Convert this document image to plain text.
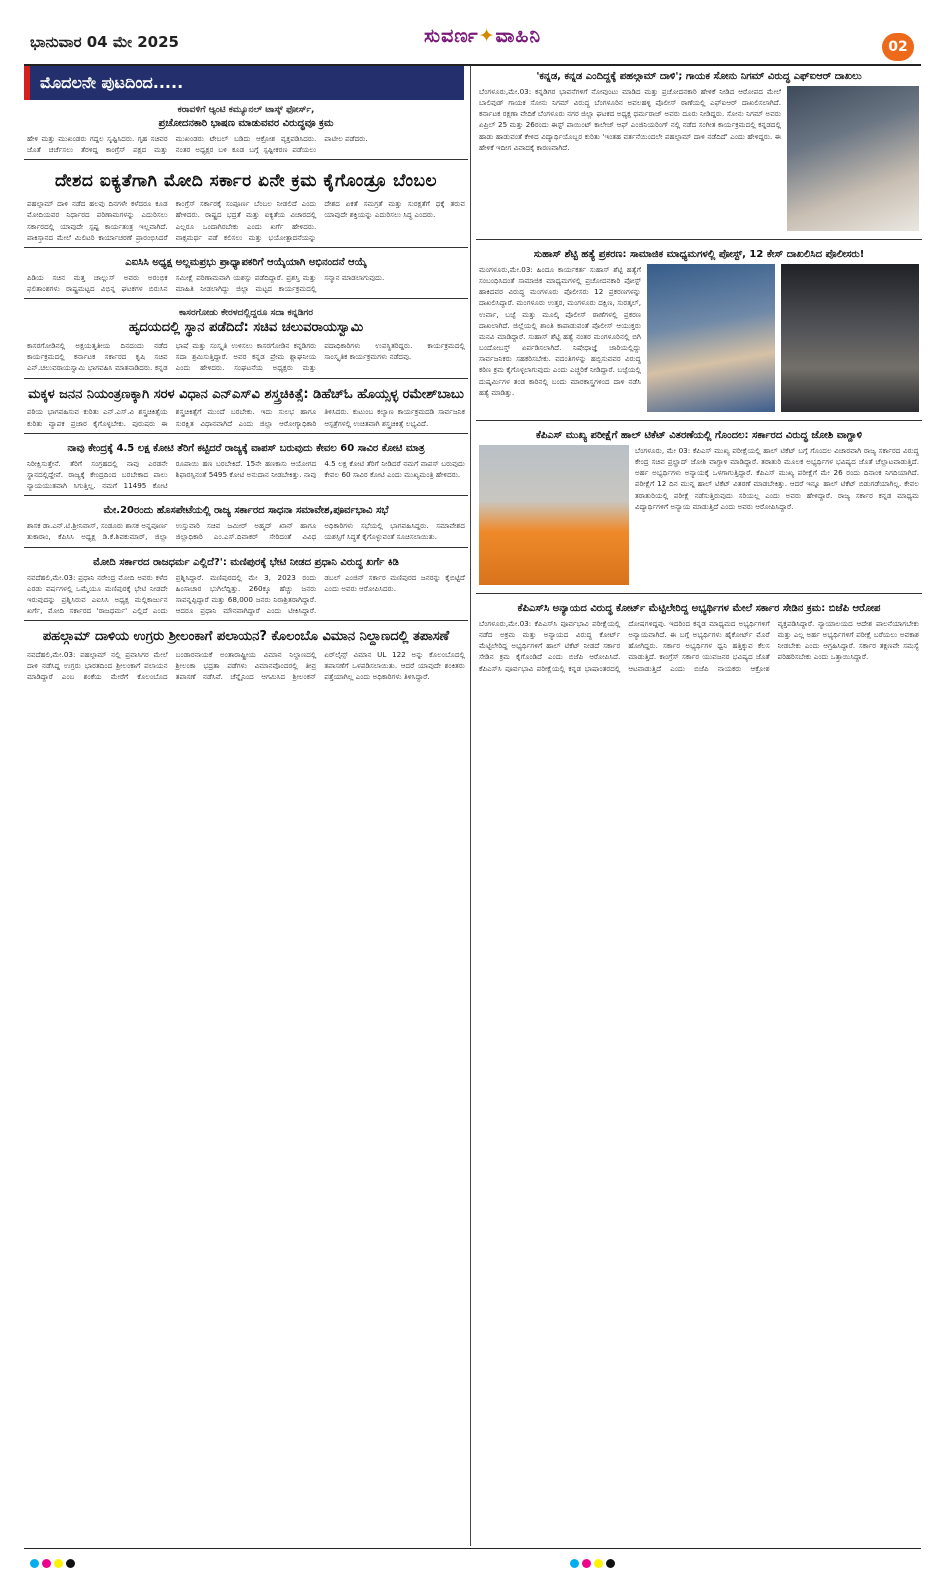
ಭಾನುವಾರ 04 ಮೇ 2025	ಸುವರ್ಣ✦ವಾಹಿನಿ	02
ಮೊದಲನೇ ಪುಟದಿಂದ.....
ಕರಾವಳಿಗೆ ಆ್ಯಂಟಿ ಕಮ್ಯೂನಲ್ ಟಾಸ್ಕ್ ಫೋರ್ಸ್,
ಪ್ರಚೋದನಕಾರಿ ಭಾಷಣ ಮಾಡುವವರ ವಿರುದ್ಧವೂ ಕ್ರಮ
ಹೇಳಿ ಮತ್ತು ಮುಖಂಡರು ಗದ್ದಲ ಸೃಷ್ಟಿಸಿದರು. ಗೃಹ ಸಚಿವರ ಜೊತೆ ಚರ್ಚೆಸಲು ತೆರಳಿದ್ದ ಕಾಂಗ್ರೆಸ್ ಪಕ್ಷದ ಮತ್ತು ಮುಖಂಡರು ಟೇಬಲ್ ಬಡಿದು ಆಕ್ರೋಶ ವ್ಯಕ್ತಪಡಿಸಿದರು. ನಂತರ ಅಧ್ಯಕ್ಷರ ಬಳಿ ಕೂಡ ಬಗ್ಗೆ ಸ್ಪಷ್ಟೀಕರಣ ಪಡೆಯಲು ಪಾಟೀಲ ಪಡೆದರು.
ದೇಶದ ಐಕ್ಯತೆಗಾಗಿ ಮೋದಿ ಸರ್ಕಾರ ಏನೇ ಕ್ರಮ ಕೈಗೊಂಡ್ರೂ ಬೆಂಬಲ
ಪಹಲ್ಗಾಮ್ ದಾಳಿ ನಡೆದ ಹಲವು ದಿನಗಳೇ ಕಳೆದರೂ ಕೂಡ ಮೋದಿಯವರ ನಿರ್ಧಾರದ ಪರಿಣಾಮಗಳನ್ನು ಎದುರಿಸಲು ಸರ್ಕಾರದಲ್ಲಿ ಯಾವುದೇ ಸ್ಪಷ್ಟ ಕಾರ್ಯತಂತ್ರ ಇಲ್ಲವಾಗಿದೆ. ಪಾಕಿಸ್ತಾನದ ಮೇಲೆ ಮಿಲಿಟರಿ ಕಾರ್ಯಾಚರಣೆ ಪ್ರಾರಂಭಿಸಿದರೆ ಕಾಂಗ್ರೆಸ್ ಸರ್ಕಾರಕ್ಕೆ ಸಂಪೂರ್ಣ ಬೆಂಬಲ ನೀಡಲಿದೆ ಎಂದು ಹೇಳಿದರು. ರಾಷ್ಟ್ರದ ಭದ್ರತೆ ಮತ್ತು ಐಕ್ಯತೆಯ ವಿಚಾರದಲ್ಲಿ ಎಲ್ಲರೂ ಒಂದಾಗಿರಬೇಕು ಎಂದು ಖರ್ಗೆ ಹೇಳಿದರು. ವಾಕ್ಸಮರ್ಥ ಪಡೆ ಕಲಿಸಲು ಮತ್ತು ಭಯೋತ್ಪಾದನೆಯನ್ನು ದೇಶದ ಏಕತೆ ಸಮಗ್ರತೆ ಮತ್ತು ಸುರಕ್ಷತೆಗೆ ಧಕ್ಕೆ ತರುವ ಯಾವುದೇ ಶಕ್ತಿಯನ್ನು ಎದುರಿಸಲು ಸಿದ್ಧ ಎಂದರು.
ಎಐಸಿಸಿ ಅಧ್ಯಕ್ಷ ಅಲ್ಲಮಪ್ರಭು ಪ್ರಾಧ್ಯಾಪಕರಿಗೆ ಆಯ್ಕೆಯಾಗಿ ಅಭಿನಂದನೆ ಆಯ್ಕೆ
ಪಿಡಿಯ ಸಚಿನ ಮತ್ತ ಚಾಲ್ಲುಸ್ ಅವರು ಅರಂಭಿಕ ಫಲಿತಾಂಶಗಳು ರಾಷ್ಟ್ರಮಟ್ಟದ ವಿಭಿನ್ನ ಘಟಕಗಳ ಬಿರುಸಿನ ಸಮೀಕ್ಷೆ ಪರಿಣಾಮವಾಗಿ ಯಶಸ್ಸು ಪಡೆದಿದ್ದಾರೆ. ಪ್ರಶಸ್ತಿ ಮತ್ತು ಮಾಹಿತಿ ನೀಡಲಾಗಿದ್ದು ಜಿಲ್ಲಾ ಮಟ್ಟದ ಕಾರ್ಯಕ್ರಮದಲ್ಲಿ ಸನ್ಮಾನ ಮಾಡಲಾಗುವುದು.
ಕಾಸರಗೋಡು ಕೇರಳದಲ್ಲಿದ್ದರೂ ಸದಾ ಕನ್ನಡಿಗರ
ಹೃದಯದಲ್ಲಿ ಸ್ಥಾನ ಪಡೆದಿದೆ: ಸಚಿವ ಚಲುವರಾಯಸ್ವಾಮಿ
ಕಾಸರಗೋಡಿನಲ್ಲಿ ಅಕ್ಷಯತೃತೀಯ ದಿನದಂದು ನಡೆದ ಕಾರ್ಯಕ್ರಮದಲ್ಲಿ ಕರ್ನಾಟಕ ಸರ್ಕಾರದ ಕೃಷಿ ಸಚಿವ ಎನ್.ಚಲುವರಾಯಸ್ವಾಮಿ ಭಾಗವಹಿಸಿ ಮಾತನಾಡಿದರು. ಕನ್ನಡ ಭಾಷೆ ಮತ್ತು ಸಂಸ್ಕೃತಿ ಉಳಿಸಲು ಕಾಸರಗೋಡಿನ ಕನ್ನಡಿಗರು ಸದಾ ಶ್ರಮಿಸುತ್ತಿದ್ದಾರೆ. ಅವರ ಕನ್ನಡ ಪ್ರೇಮ ಶ್ಲಾಘನೀಯ ಎಂದು ಹೇಳಿದರು. ಸಂಘಟನೆಯ ಅಧ್ಯಕ್ಷರು ಮತ್ತು ಪದಾಧಿಕಾರಿಗಳು ಉಪಸ್ಥಿತರಿದ್ದರು. ಕಾರ್ಯಕ್ರಮದಲ್ಲಿ ಸಾಂಸ್ಕೃತಿಕ ಕಾರ್ಯಕ್ರಮಗಳು ನಡೆದವು.
ಮಕ್ಕಳ ಜನನ ನಿಯಂತ್ರಣಕ್ಕಾಗಿ ಸರಳ ವಿಧಾನ ಎನ್ಎಸ್‌ವಿ ಶಸ್ತ್ರಚಿಕಿತ್ಸೆ: ಡಿಹೆಚ್‌ಓ ಹೊಯ್ಸಳ್ಳ ರಮೇಶ್‌ಬಾಬು
ಪಠಿಯ ಭಾಗವಹಿಸುವ ಕುರಿತು ಎನ್.ಎಸ್.ವಿ ಶಸ್ತ್ರಚಿಕಿತ್ಸೆಯ ಕುರಿತು ವ್ಯಾಪಕ ಪ್ರಚಾರ ಕೈಗೊಳ್ಳಬೇಕು. ಪುರುಷರು ಈ ಶಸ್ತ್ರಚಿಕಿತ್ಸೆಗೆ ಮುಂದೆ ಬರಬೇಕು. ಇದು ಸುಲಭ ಹಾಗೂ ಸುರಕ್ಷಿತ ವಿಧಾನವಾಗಿದೆ ಎಂದು ಜಿಲ್ಲಾ ಆರೋಗ್ಯಾಧಿಕಾರಿ ತಿಳಿಸಿದರು. ಕುಟುಂಬ ಕಲ್ಯಾಣ ಕಾರ್ಯಕ್ರಮದಡಿ ಸಾರ್ವಜನಿಕ ಆಸ್ಪತ್ರೆಗಳಲ್ಲಿ ಉಚಿತವಾಗಿ ಶಸ್ತ್ರಚಿಕಿತ್ಸೆ ಲಭ್ಯವಿದೆ.
ನಾವು ಕೇಂದ್ರಕ್ಕೆ 4.5 ಲಕ್ಷ ಕೋಟಿ ತೆರಿಗೆ ಕಟ್ಟಿದರೆ ರಾಜ್ಯಕ್ಕೆ ವಾಪಸ್ ಬರುವುದು ಕೇವಲ 60 ಸಾವಿರ ಕೋಟಿ ಮಾತ್ರ
ನಿರೀಕ್ಷಿಸುತ್ತೇನೆ. ತೆರಿಗೆ ಸಂಗ್ರಹದಲ್ಲಿ ನಾವು ಎರಡನೇ ಸ್ಥಾನದಲ್ಲಿದ್ದೇವೆ. ರಾಜ್ಯಕ್ಕೆ ಕೇಂದ್ರದಿಂದ ಬರಬೇಕಾದ ಪಾಲು ನ್ಯಾಯಯುತವಾಗಿ ಸಿಗುತ್ತಿಲ್ಲ. ನಮಗೆ 11495 ಕೋಟಿ ರೂಪಾಯಿ ಹಣ ಬರಬೇಕಿದೆ. 15ನೇ ಹಣಕಾಸು ಆಯೋಗದ ಶಿಫಾರಸ್ಸಿನಂತೆ 5495 ಕೋಟಿ ಅನುದಾನ ನೀಡಬೇಕಿತ್ತು. ನಾವು 4.5 ಲಕ್ಷ ಕೋಟಿ ತೆರಿಗೆ ನೀಡಿದರೆ ನಮಗೆ ವಾಪಸ್ ಬರುವುದು ಕೇವಲ 60 ಸಾವಿರ ಕೋಟಿ ಎಂದು ಮುಖ್ಯಮಂತ್ರಿ ಹೇಳಿದರು.
ಮೇ.20ರಂದು ಹೊಸಪೇಟೆಯಲ್ಲಿ ರಾಜ್ಯ ಸರ್ಕಾರದ ಸಾಧನಾ ಸಮಾವೇಶ,ಪೂರ್ವಭಾವಿ ಸಭೆ
ಶಾಸಕ ಡಾ.ಎನ್.ಟಿ.ಶ್ರೀನಿವಾಸ್, ಸಂಡೂರು ಶಾಸಕ ಅನ್ನಪೂರ್ಣ ತುಕಾರಾಂ, ಕೆಪಿಸಿಸಿ ಅಧ್ಯಕ್ಷ ಡಿ.ಕೆ.ಶಿವಕುಮಾರ್, ಜಿಲ್ಲಾ ಉಸ್ತುವಾರಿ ಸಚಿವ ಜಮೀರ್ ಅಹ್ಮದ್ ಖಾನ್ ಹಾಗೂ ಜಿಲ್ಲಾಧಿಕಾರಿ ಎಂ.ಎಸ್.ದಿವಾಕರ್ ಸೇರಿದಂತೆ ವಿವಿಧ ಅಧಿಕಾರಿಗಳು ಸಭೆಯಲ್ಲಿ ಭಾಗವಹಿಸಿದ್ದರು. ಸಮಾವೇಶದ ಯಶಸ್ಸಿಗೆ ಸಿದ್ಧತೆ ಕೈಗೊಳ್ಳುವಂತೆ ಸೂಚಿಸಲಾಯಿತು.
ಮೋದಿ ಸರ್ಕಾರದ ರಾಜಧರ್ಮ ಎಲ್ಲಿದೆ?': ಮಣಿಪುರಕ್ಕೆ ಭೇಟಿ ನೀಡದ ಪ್ರಧಾನಿ ವಿರುದ್ಧ ಖರ್ಗೆ ಕಿಡಿ
ನವದೆಹಲಿ,ಮೇ.03: ಪ್ರಧಾನಿ ನರೇಂದ್ರ ಮೋದಿ ಅವರು ಕಳೆದ ಎರಡು ವರ್ಷಗಳಲ್ಲಿ ಒಮ್ಮೆಯೂ ಮಣಿಪುರಕ್ಕೆ ಭೇಟಿ ನೀಡದೇ ಇರುವುದನ್ನು ಪ್ರಶ್ನಿಸಿರುವ ಎಐಸಿಸಿ ಅಧ್ಯಕ್ಷ ಮಲ್ಲಿಕಾರ್ಜುನ ಖರ್ಗೆ, ಮೋದಿ ಸರ್ಕಾರದ 'ರಾಜಧರ್ಮ' ಎಲ್ಲಿದೆ ಎಂದು ಪ್ರಶ್ನಿಸಿದ್ದಾರೆ. ಮಣಿಪುರದಲ್ಲಿ ಮೇ 3, 2023 ರಂದು ಹಿಂಸಾಚಾರ ಭುಗಿಲೆದ್ದಿತ್ತು. 260ಕ್ಕೂ ಹೆಚ್ಚು ಜನರು ಸಾವನ್ನಪ್ಪಿದ್ದಾರೆ ಮತ್ತು 68,000 ಜನರು ನಿರಾಶ್ರಿತರಾಗಿದ್ದಾರೆ. ಆದರೂ ಪ್ರಧಾನಿ ಮೌನವಾಗಿದ್ದಾರೆ ಎಂದು ಟೀಕಿಸಿದ್ದಾರೆ. ಡಬಲ್ ಎಂಜಿನ್ ಸರ್ಕಾರ ಮಣಿಪುರದ ಜನರನ್ನು ಕೈಬಿಟ್ಟಿದೆ ಎಂದು ಅವರು ಆರೋಪಿಸಿದರು.
ಪಹಲ್ಗಾಮ್ ದಾಳಿಯ ಉಗ್ರರು ಶ್ರೀಲಂಕಾಗೆ ಪಲಾಯನ? ಕೊಲಂಬೊ ವಿಮಾನ ನಿಲ್ದಾಣದಲ್ಲಿ ತಪಾಸಣೆ
ನವದೆಹಲಿ,ಮೇ.03: ಪಹಲ್ಗಾಮ್ ನಲ್ಲಿ ಪ್ರವಾಸಿಗರ ಮೇಲೆ ದಾಳಿ ನಡೆಸಿದ್ದ ಉಗ್ರರು ಭಾರತದಿಂದ ಶ್ರೀಲಂಕಾಗೆ ಪಲಾಯನ ಮಾಡಿದ್ದಾರೆ ಎಂಬ ಶಂಕೆಯ ಮೇರೆಗೆ ಕೊಲಂಬೊದ ಬಂಡಾರನಾಯಕೆ ಅಂತಾರಾಷ್ಟ್ರೀಯ ವಿಮಾನ ನಿಲ್ದಾಣದಲ್ಲಿ ಶ್ರೀಲಂಕಾ ಭದ್ರತಾ ಪಡೆಗಳು ವಿಮಾನವೊಂದರಲ್ಲಿ ತೀವ್ರ ತಪಾಸಣೆ ನಡೆಸಿವೆ. ಚೆನ್ನೈನಿಂದ ಆಗಮಿಸಿದ ಶ್ರೀಲಂಕನ್ ಏರ್‌ಲೈನ್ಸ್‌ ವಿಮಾನ UL 122 ಅನ್ನು ಕೊಲಂಬೊದಲ್ಲಿ ತಪಾಸಣೆಗೆ ಒಳಪಡಿಸಲಾಯಿತು. ಆದರೆ ಯಾವುದೇ ಶಂಕಿತರು ಪತ್ತೆಯಾಗಿಲ್ಲ ಎಂದು ಅಧಿಕಾರಿಗಳು ತಿಳಿಸಿದ್ದಾರೆ.
'ಕನ್ನಡ, ಕನ್ನಡ ಎಂದಿದ್ದಕ್ಕೆ ಪಹಲ್ಗಾಮ್ ದಾಳಿ'; ಗಾಯಕ ಸೋನು ನಿಗಮ್ ವಿರುದ್ಧ ಎಫ್‌ಐಆರ್ ದಾಖಲು
ಬೆಂಗಳೂರು,ಮೇ.03: ಕನ್ನಡಿಗರ ಭಾವನೆಗಳಿಗೆ ನೋವುಂಟು ಮಾಡಿದ ಮತ್ತು ಪ್ರಚೋದನಕಾರಿ ಹೇಳಿಕೆ ನೀಡಿದ ಆರೋಪದ ಮೇಲೆ ಬಾಲಿವುಡ್ ಗಾಯಕ ಸೋನು ನಿಗಮ್ ವಿರುದ್ಧ ಬೆಂಗಳೂರಿನ ಅವಲಹಳ್ಳಿ ಪೊಲೀಸ್ ಠಾಣೆಯಲ್ಲಿ ಎಫ್‌ಐಆರ್ ದಾಖಲಿಸಲಾಗಿದೆ. ಕರ್ನಾಟಕ ರಕ್ಷಣಾ ವೇದಿಕೆ ಬೆಂಗಳೂರು ನಗರ ಜಿಲ್ಲಾ ಘಟಕದ ಅಧ್ಯಕ್ಷ ಧರ್ಮರಾಜ್ ಅವರು ದೂರು ನೀಡಿದ್ದರು. ಸೋನು ನಿಗಮ್ ಅವರು ಏಪ್ರಿಲ್ 25 ಮತ್ತು 26ರಂದು ಈಸ್ಟ್ ಪಾಯಿಂಟ್ ಕಾಲೇಜ್ ಆಫ್ ಎಂಜಿನಿಯರಿಂಗ್ ನಲ್ಲಿ ನಡೆದ ಸಂಗೀತ ಕಾರ್ಯಕ್ರಮದಲ್ಲಿ ಕನ್ನಡದಲ್ಲಿ ಹಾಡು ಹಾಡುವಂತೆ ಕೇಳಿದ ವಿದ್ಯಾರ್ಥಿಯೊಬ್ಬರ ಕುರಿತು 'ಇಂತಹ ವರ್ತನೆಯಿಂದಲೇ ಪಹಲ್ಗಾಮ್ ದಾಳಿ ನಡೆದಿದೆ' ಎಂದು ಹೇಳಿದ್ದರು. ಈ ಹೇಳಿಕೆ ಇದೀಗ ವಿವಾದಕ್ಕೆ ಕಾರಣವಾಗಿದೆ.
ಸುಹಾಸ್ ಶೆಟ್ಟಿ ಹತ್ಯೆ ಪ್ರಕರಣ: ಸಾಮಾಜಿಕ ಮಾಧ್ಯಮಗಳಲ್ಲಿ ಪೋಸ್ಟ್, 12 ಕೇಸ್ ದಾಖಲಿಸಿದ ಪೊಲೀಸರು!
ಮಂಗಳೂರು,ಮೇ.03: ಹಿಂದೂ ಕಾರ್ಯಕರ್ತ ಸುಹಾಸ್ ಶೆಟ್ಟಿ ಹತ್ಯೆಗೆ ಸಂಬಂಧಿಸಿದಂತೆ ಸಾಮಾಜಿಕ ಮಾಧ್ಯಮಗಳಲ್ಲಿ ಪ್ರಚೋದನಕಾರಿ ಪೋಸ್ಟ್ ಹಾಕಿದವರ ವಿರುದ್ಧ ಮಂಗಳೂರು ಪೊಲೀಸರು 12 ಪ್ರಕರಣಗಳನ್ನು ದಾಖಲಿಸಿದ್ದಾರೆ. ಮಂಗಳೂರು ಉತ್ತರ, ಮಂಗಳೂರು ದಕ್ಷಿಣ, ಸುರತ್ಕಲ್, ಉರ್ವಾ, ಬಜ್ಪೆ ಮತ್ತು ಮೂಲ್ಕಿ ಪೊಲೀಸ್ ಠಾಣೆಗಳಲ್ಲಿ ಪ್ರಕರಣ ದಾಖಲಾಗಿದೆ. ಜಿಲ್ಲೆಯಲ್ಲಿ ಶಾಂತಿ ಕಾಪಾಡುವಂತೆ ಪೊಲೀಸ್ ಆಯುಕ್ತರು ಮನವಿ ಮಾಡಿದ್ದಾರೆ. ಸುಹಾಸ್ ಶೆಟ್ಟಿ ಹತ್ಯೆ ನಂತರ ಮಂಗಳೂರಿನಲ್ಲಿ ಬಿಗಿ ಬಂದೋಬಸ್ತ್ ಏರ್ಪಡಿಸಲಾಗಿದೆ. ನಿಷೇಧಾಜ್ಞೆ ಜಾರಿಯಲ್ಲಿದ್ದು ಸಾರ್ವಜನಿಕರು ಸಹಕರಿಸಬೇಕು. ವದಂತಿಗಳನ್ನು ಹಬ್ಬಿಸುವವರ ವಿರುದ್ಧ ಕಠಿಣ ಕ್ರಮ ಕೈಗೊಳ್ಳಲಾಗುವುದು ಎಂದು ಎಚ್ಚರಿಕೆ ನೀಡಿದ್ದಾರೆ. ಬಜ್ಪೆಯಲ್ಲಿ ದುಷ್ಕರ್ಮಿಗಳ ತಂಡ ಕಾರಿನಲ್ಲಿ ಬಂದು ಮಾರಕಾಸ್ತ್ರಗಳಿಂದ ದಾಳಿ ನಡೆಸಿ ಹತ್ಯೆ ಮಾಡಿತ್ತು.
ಕೆಪಿಎಸ್ ಮುಖ್ಯ ಪರೀಕ್ಷೆಗೆ ಹಾಲ್ ಟಿಕೆಟ್ ವಿತರಣೆಯಲ್ಲಿ ಗೊಂದಲ: ಸರ್ಕಾರದ ವಿರುದ್ಧ ಜೋಶಿ ವಾಗ್ದಾಳಿ
ಬೆಂಗಳೂರು, ಮೇ 03: ಕೆಪಿಎಸ್ ಮುಖ್ಯ ಪರೀಕ್ಷೆಯಲ್ಲಿ ಹಾಲ್ ಟಿಕೆಟ್ ಬಗ್ಗೆ ಗೊಂದಲ ವಿಚಾರವಾಗಿ ರಾಜ್ಯ ಸರ್ಕಾರದ ವಿರುದ್ಧ ಕೇಂದ್ರ ಸಚಿವ ಪ್ರಲ್ಹಾದ್ ಜೋಶಿ ವಾಗ್ದಾಳಿ ಮಾಡಿದ್ದಾರೆ. ತರಾತುರಿ ಮೂಲಕ ಅಭ್ಯರ್ಥಿಗಳ ಭವಿಷ್ಯದ ಜೊತೆ ಚೆಲ್ಲಾಟವಾಡುತ್ತಿದೆ. ಅರ್ಹ ಅಭ್ಯರ್ಥಿಗಳು ಅನ್ಯಾಯಕ್ಕೆ ಒಳಗಾಗುತ್ತಿದ್ದಾರೆ. ಕೆಪಿಎಸ್ ಮುಖ್ಯ ಪರೀಕ್ಷೆಗೆ ಮೇ 26 ರಂದು ದಿನಾಂಕ ನಿಗದಿಯಾಗಿದೆ. ಪರೀಕ್ಷೆಗೆ 12 ದಿನ ಮುನ್ನ ಹಾಲ್ ಟಿಕೆಟ್ ವಿತರಣೆ ಮಾಡಬೇಕಿತ್ತು. ಆದರೆ ಇನ್ನೂ ಹಾಲ್ ಟಿಕೆಟ್ ಬಿಡುಗಡೆಯಾಗಿಲ್ಲ. ಕೇವಲ ತರಾತುರಿಯಲ್ಲಿ ಪರೀಕ್ಷೆ ನಡೆಸುತ್ತಿರುವುದು ಸರಿಯಲ್ಲ ಎಂದು ಅವರು ಹೇಳಿದ್ದಾರೆ. ರಾಜ್ಯ ಸರ್ಕಾರ ಕನ್ನಡ ಮಾಧ್ಯಮ ವಿದ್ಯಾರ್ಥಿಗಳಿಗೆ ಅನ್ಯಾಯ ಮಾಡುತ್ತಿದೆ ಎಂದು ಅವರು ಆರೋಪಿಸಿದ್ದಾರೆ.
ಕೆಪಿಎಸ್‌ಸಿ ಅನ್ಯಾಯದ ವಿರುದ್ಧ ಕೋರ್ಟ್ ಮೆಟ್ಟಿಲೇರಿದ್ದ ಅಭ್ಯರ್ಥಿಗಳ ಮೇಲೆ ಸರ್ಕಾರ ಸೇಡಿನ ಕ್ರಮ: ಬಿಜೆಪಿ ಆರೋಪ
ಬೆಂಗಳೂರು,ಮೇ.03: ಕೆಪಿಎಸ್‌ಸಿ ಪೂರ್ವಭಾವಿ ಪರೀಕ್ಷೆಯಲ್ಲಿ ನಡೆದ ಅಕ್ರಮ ಮತ್ತು ಅನ್ಯಾಯದ ವಿರುದ್ಧ ಕೋರ್ಟ್ ಮೆಟ್ಟಿಲೇರಿದ್ದ ಅಭ್ಯರ್ಥಿಗಳಿಗೆ ಹಾಲ್ ಟಿಕೆಟ್ ನೀಡದೆ ಸರ್ಕಾರ ಸೇಡಿನ ಕ್ರಮ ಕೈಗೊಂಡಿದೆ ಎಂದು ಬಿಜೆಪಿ ಆರೋಪಿಸಿದೆ. ಕೆಪಿಎಸ್‌ಸಿ ಪೂರ್ವಭಾವಿ ಪರೀಕ್ಷೆಯಲ್ಲಿ ಕನ್ನಡ ಭಾಷಾಂತರದಲ್ಲಿ ದೋಷಗಳಿದ್ದವು. ಇದರಿಂದ ಕನ್ನಡ ಮಾಧ್ಯಮದ ಅಭ್ಯರ್ಥಿಗಳಿಗೆ ಅನ್ಯಾಯವಾಗಿದೆ. ಈ ಬಗ್ಗೆ ಅಭ್ಯರ್ಥಿಗಳು ಹೈಕೋರ್ಟ್ ಮೊರೆ ಹೋಗಿದ್ದರು. ಸರ್ಕಾರ ಅಭ್ಯರ್ಥಿಗಳ ಧ್ವನಿ ಹತ್ತಿಕ್ಕುವ ಕೆಲಸ ಮಾಡುತ್ತಿದೆ. ಕಾಂಗ್ರೆಸ್ ಸರ್ಕಾರ ಯುವಜನರ ಭವಿಷ್ಯದ ಜೊತೆ ಆಟವಾಡುತ್ತಿದೆ ಎಂದು ಬಿಜೆಪಿ ನಾಯಕರು ಆಕ್ರೋಶ ವ್ಯಕ್ತಪಡಿಸಿದ್ದಾರೆ. ನ್ಯಾಯಾಲಯದ ಆದೇಶ ಪಾಲನೆಯಾಗಬೇಕು ಮತ್ತು ಎಲ್ಲ ಅರ್ಹ ಅಭ್ಯರ್ಥಿಗಳಿಗೆ ಪರೀಕ್ಷೆ ಬರೆಯಲು ಅವಕಾಶ ನೀಡಬೇಕು ಎಂದು ಆಗ್ರಹಿಸಿದ್ದಾರೆ. ಸರ್ಕಾರ ತಕ್ಷಣವೇ ಸಮಸ್ಯೆ ಪರಿಹರಿಸಬೇಕು ಎಂದು ಒತ್ತಾಯಿಸಿದ್ದಾರೆ.
